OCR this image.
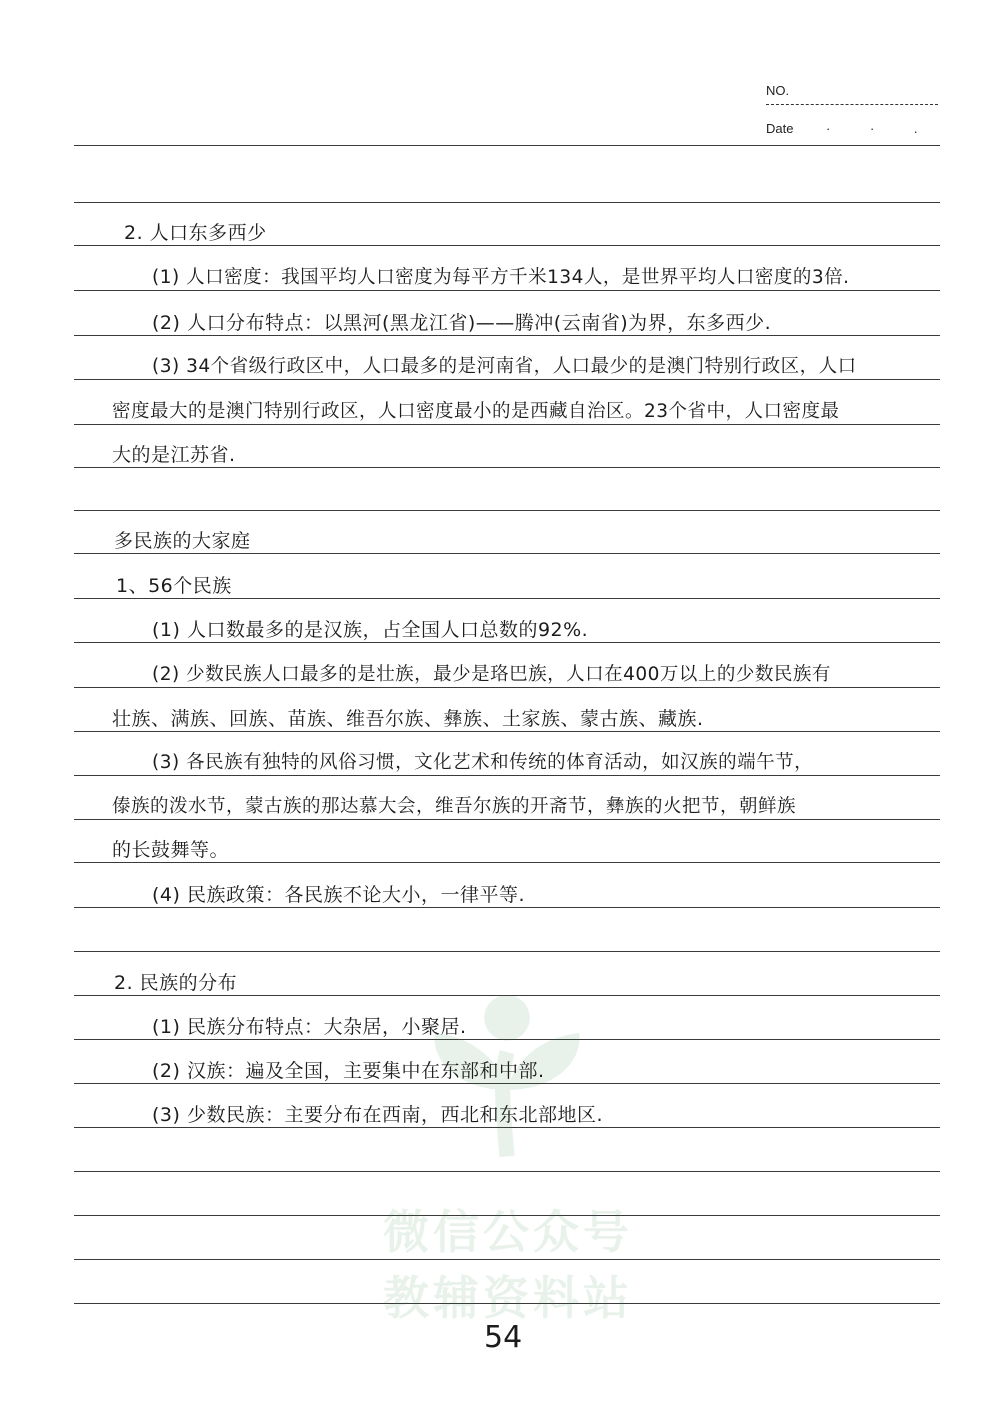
NO.
Date	· · .
微信公众号
教辅资料站
2. 人口东多西少
(1) 人口密度：我国平均人口密度为每平方千米134人，是世界平均人口密度的3倍.
(2) 人口分布特点：以黑河(黑龙江省)——腾冲(云南省)为界，东多西少.
(3) 34个省级行政区中，人口最多的是河南省，人口最少的是澳门特别行政区，人口
密度最大的是澳门特别行政区，人口密度最小的是西藏自治区。23个省中，人口密度最
大的是江苏省.
多民族的大家庭
1、56个民族
(1) 人口数最多的是汉族，占全国人口总数的92%.
(2) 少数民族人口最多的是壮族，最少是珞巴族，人口在400万以上的少数民族有
壮族、满族、回族、苗族、维吾尔族、彝族、土家族、蒙古族、藏族.
(3) 各民族有独特的风俗习惯，文化艺术和传统的体育活动，如汉族的端午节，
傣族的泼水节，蒙古族的那达慕大会，维吾尔族的开斋节，彝族的火把节，朝鲜族
的长鼓舞等。
(4) 民族政策：各民族不论大小，一律平等.
2. 民族的分布
(1) 民族分布特点：大杂居，小聚居.
(2) 汉族：遍及全国，主要集中在东部和中部.
(3) 少数民族：主要分布在西南，西北和东北部地区.
54
